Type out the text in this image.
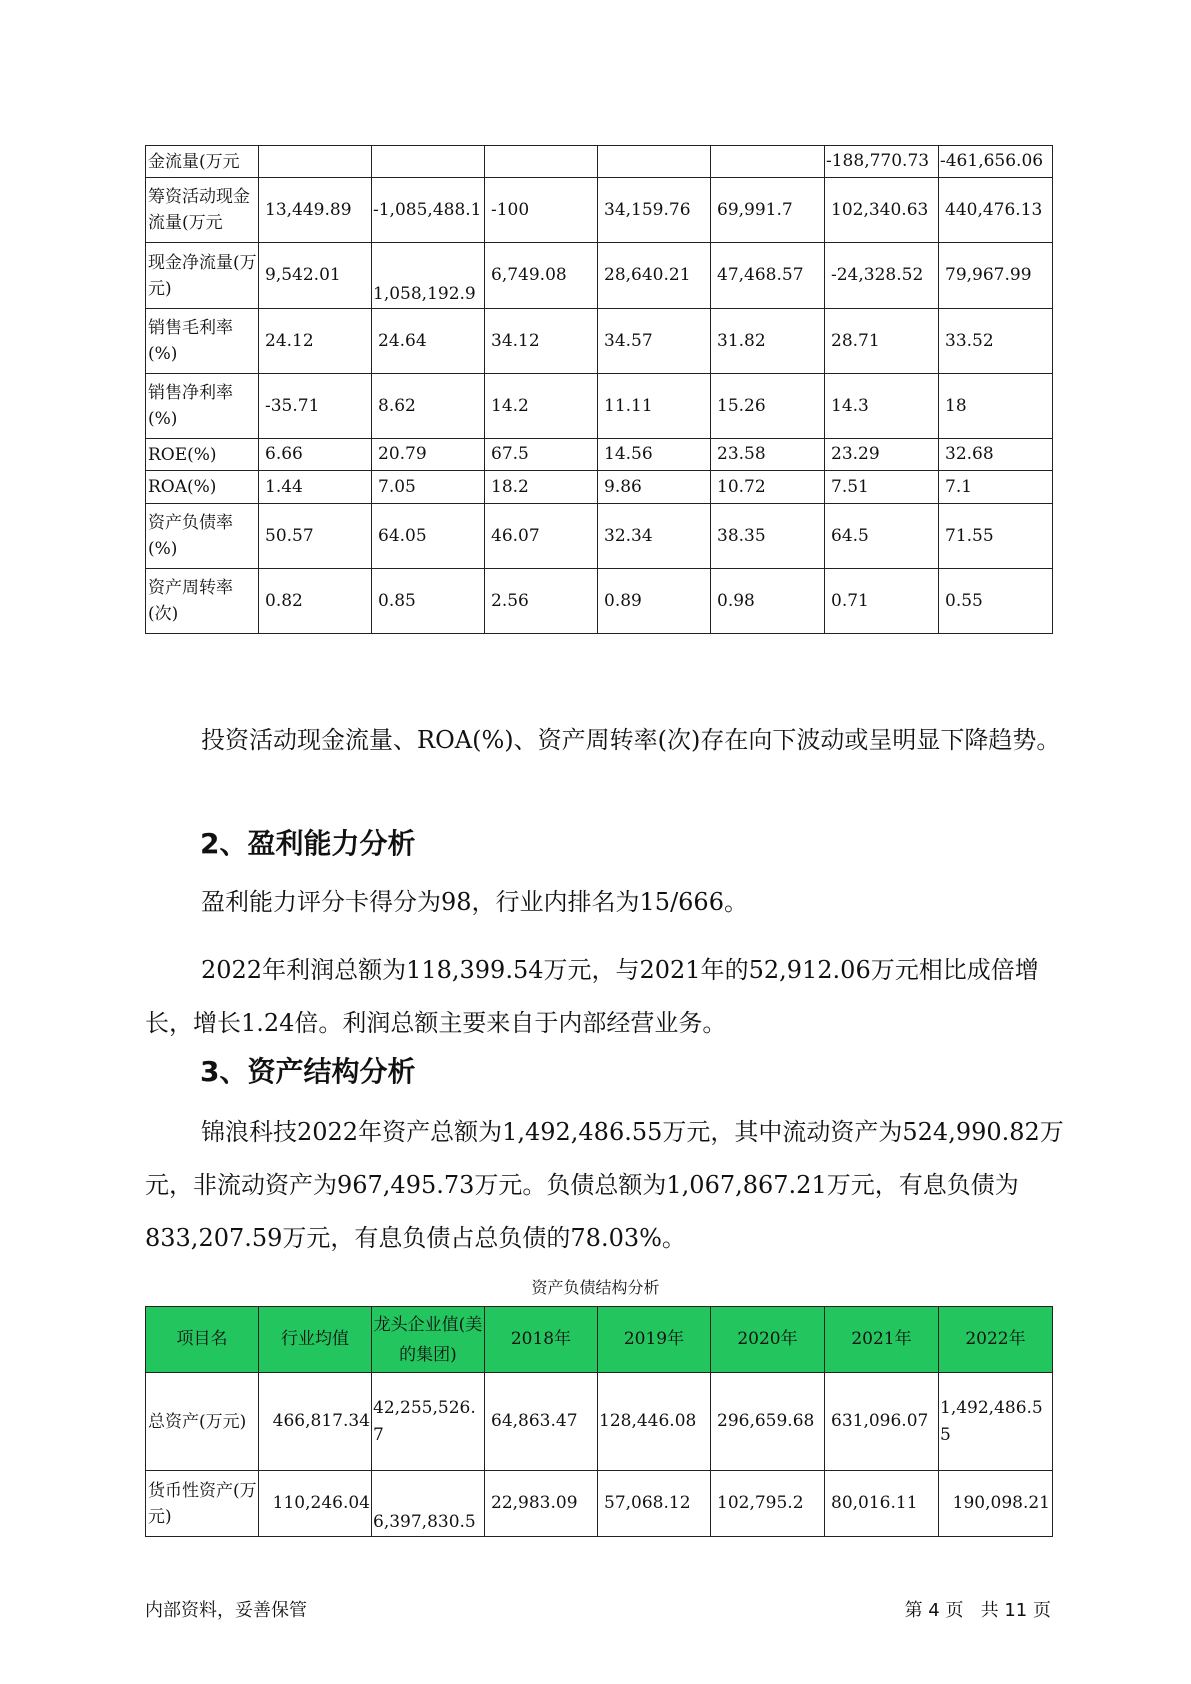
金流量(万元						-188,770.73	-461,656.06
筹资活动现金流量(万元	13,449.89	-1,085,488.1	-100	34,159.76	69,991.7	102,340.63	440,476.13
现金净流量(万元)	9,542.01	1,058,192.9	6,749.08	28,640.21	47,468.57	-24,328.52	79,967.99
销售毛利率(%)	24.12	24.64	34.12	34.57	31.82	28.71	33.52
销售净利率(%)	-35.71	8.62	14.2	11.11	15.26	14.3	18
ROE(%)	6.66	20.79	67.5	14.56	23.58	23.29	32.68
ROA(%)	1.44	7.05	18.2	9.86	10.72	7.51	7.1
资产负债率(%)	50.57	64.05	46.07	32.34	38.35	64.5	71.55
资产周转率(次)	0.82	0.85	2.56	0.89	0.98	0.71	0.55

投资活动现金流量、ROA(%)、资产周转率(次)存在向下波动或呈明显下降趋势。

2、盈利能力分析

盈利能力评分卡得分为98，行业内排名为15/666。

2022年利润总额为118,399.54万元，与2021年的52,912.06万元相比成倍增长，增长1.24倍。利润总额主要来自于内部经营业务。

3、资产结构分析

锦浪科技2022年资产总额为1,492,486.55万元，其中流动资产为524,990.82万元，非流动资产为967,495.73万元。负债总额为1,067,867.21万元，有息负债为833,207.59万元，有息负债占总负债的78.03%。

资产负债结构分析
项目名	行业均值	龙头企业值(美的集团)	2018年	2019年	2020年	2021年	2022年
总资产(万元)	466,817.34	42,255,526.7	64,863.47	128,446.08	296,659.68	631,096.07	1,492,486.55
货币性资产(万元)	110,246.04	6,397,830.5	22,983.09	57,068.12	102,795.2	80,016.11	190,098.21
内部资料，妥善保管	第 4 页   共 11 页
